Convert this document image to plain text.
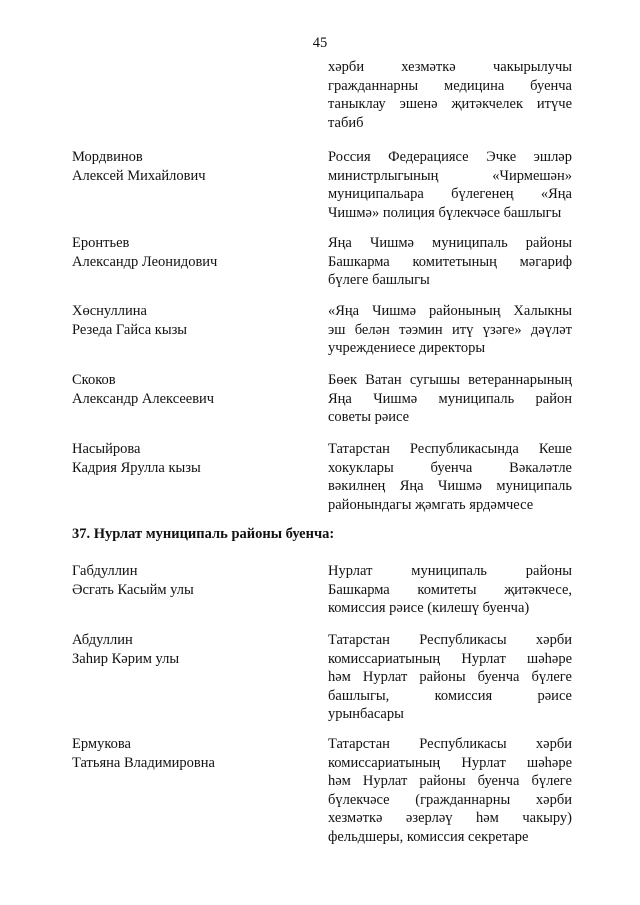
45
хәрби хезмәткә чакырылучы
гражданнарны медицина буенча
таныклау эшенә җитәкчелек итүче
табиб
Мордвинов
Алексей Михайлович
Россия Федерациясе Эчке эшләр
министрлыгының «Чирмешән»
муниципальара бүлегенең «Яңа
Чишмә» полиция бүлекчәсе башлыгы
Еронтьев
Александр Леонидович
Яңа Чишмә муниципаль районы
Башкарма комитетының мәгариф
бүлеге башлыгы
Хөснуллина
Резеда Гайса кызы
«Яңа Чишмә районының Халыкны
эш белән тәэмин итү үзәге» дәүләт
учреждениесе директоры
Скоков
Александр Алексеевич
Бөек Ватан сугышы ветераннарының
Яңа Чишмә муниципаль район
советы рәисе
Насыйрова
Кадрия Ярулла кызы
Татарстан Республикасында Кеше
хокуклары буенча Вәкаләтле
вәкилнең Яңа Чишмә муниципаль
районындагы җәмгать ярдәмчесе
37. Нурлат муниципаль районы буенча:
Габдуллин
Әсгать Касыйм улы
Нурлат муниципаль районы
Башкарма комитеты җитәкчесе,
комиссия рәисе (килешү буенча)
Абдуллин
Заһир Кәрим улы
Татарстан Республикасы хәрби
комиссариатының Нурлат шәһәре
һәм Нурлат районы буенча бүлеге
башлыгы, комиссия рәисе
урынбасары
Ермукова
Татьяна Владимировна
Татарстан Республикасы хәрби
комиссариатының Нурлат шәһәре
һәм Нурлат районы буенча бүлеге
бүлекчәсе (гражданнарны хәрби
хезмәткә әзерләү һәм чакыру)
фельдшеры, комиссия секретаре
